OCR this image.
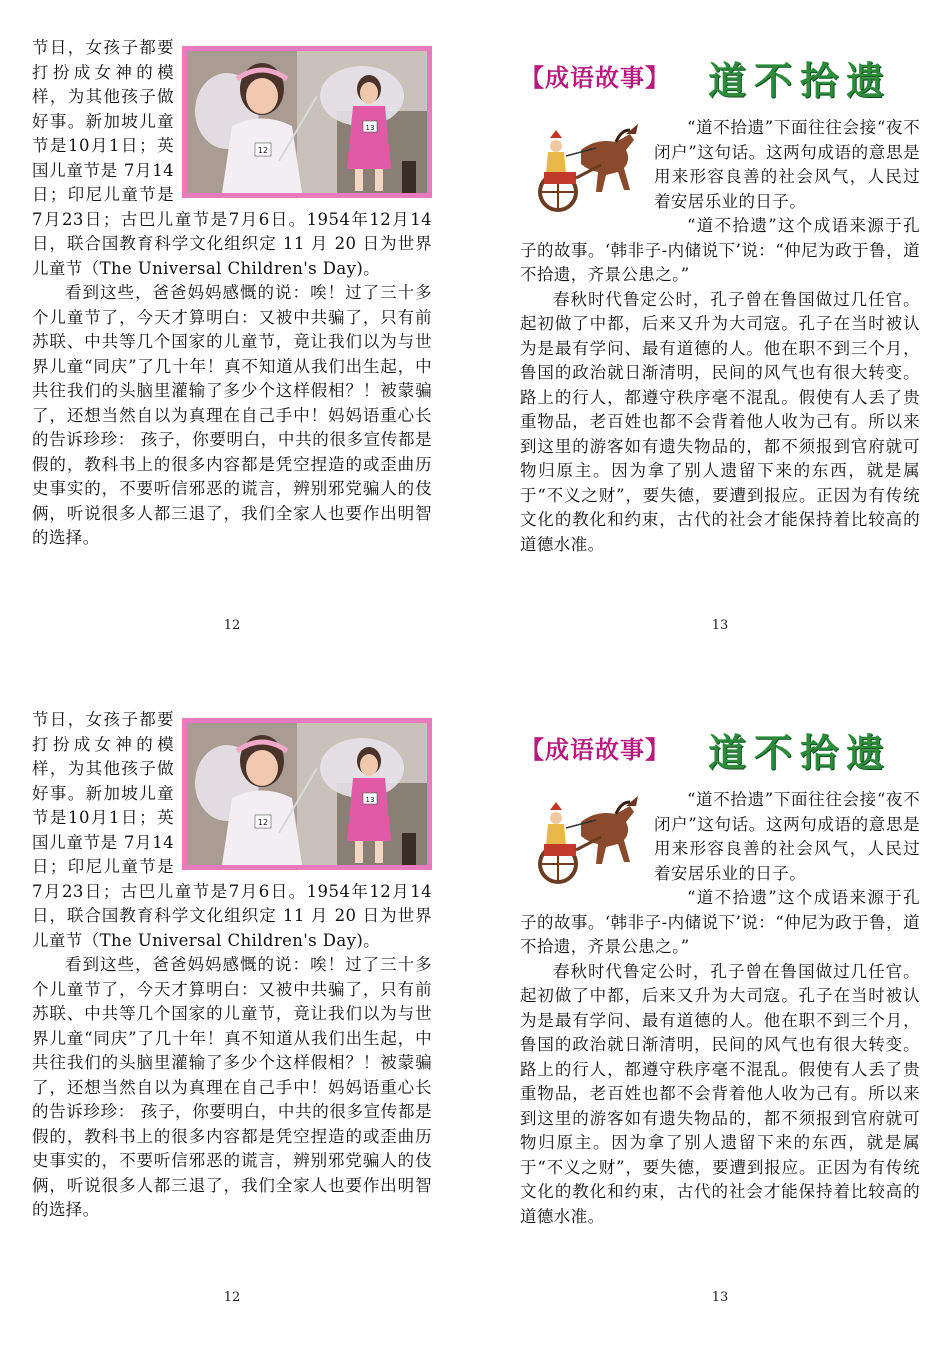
12
13

节日，女孩子都要打扮成女神的模样，为其他孩子做好事。新加坡儿童节是10月1日；英国儿童节是 7月14日；印尼儿童节是7月23日；古巴儿童节是7月6日。1954年12月14日，联合国教育科学文化组织定 11 月 20 日为世界儿童节（The Universal Children's Day)。

看到这些，爸爸妈妈感慨的说：唉！过了三十多个儿童节了，今天才算明白：又被中共骗了，只有前苏联、中共等几个国家的儿童节，竟让我们以为与世界儿童“同庆”了几十年！真不知道从我们出生起，中共往我们的头脑里灌输了多少个这样假相？！被蒙骗了，还想当然自以为真理在自己手中！妈妈语重心长的告诉珍珍： 孩子，你要明白，中共的很多宣传都是假的，教科书上的很多内容都是凭空捏造的或歪曲历史事实的，不要听信邪恶的谎言，辨别邪党骗人的伎俩，听说很多人都三退了，我们全家人也要作出明智的选择。

12
【成语故事】 道不拾遗

“道不拾遗”下面往往会接“夜不闭户”这句话。这两句成语的意思是用来形容良善的社会风气，人民过着安居乐业的日子。

“道不拾遗”这个成语来源于孔子的故事。‘韩非子-内储说下’说：“仲尼为政于鲁，道不拾遗，齐景公患之。”

春秋时代鲁定公时，孔子曾在鲁国做过几任官。起初做了中都，后来又升为大司寇。孔子在当时被认为是最有学问、最有道德的人。他在职不到三个月，鲁国的政治就日渐清明，民间的风气也有很大转变。路上的行人，都遵守秩序毫不混乱。假使有人丢了贵重物品，老百姓也都不会背着他人收为己有。所以来到这里的游客如有遗失物品的，都不须报到官府就可物归原主。因为拿了别人遗留下来的东西，就是属于“不义之财”，要失德，要遭到报应。正因为有传统文化的教化和约束，古代的社会才能保持着比较高的道德水准。

13
12
13

节日，女孩子都要打扮成女神的模样，为其他孩子做好事。新加坡儿童节是10月1日；英国儿童节是 7月14日；印尼儿童节是7月23日；古巴儿童节是7月6日。1954年12月14日，联合国教育科学文化组织定 11 月 20 日为世界儿童节（The Universal Children's Day)。

看到这些，爸爸妈妈感慨的说：唉！过了三十多个儿童节了，今天才算明白：又被中共骗了，只有前苏联、中共等几个国家的儿童节，竟让我们以为与世界儿童“同庆”了几十年！真不知道从我们出生起，中共往我们的头脑里灌输了多少个这样假相？！被蒙骗了，还想当然自以为真理在自己手中！妈妈语重心长的告诉珍珍： 孩子，你要明白，中共的很多宣传都是假的，教科书上的很多内容都是凭空捏造的或歪曲历史事实的，不要听信邪恶的谎言，辨别邪党骗人的伎俩，听说很多人都三退了，我们全家人也要作出明智的选择。

12
【成语故事】 道不拾遗

“道不拾遗”下面往往会接“夜不闭户”这句话。这两句成语的意思是用来形容良善的社会风气，人民过着安居乐业的日子。

“道不拾遗”这个成语来源于孔子的故事。‘韩非子-内储说下’说：“仲尼为政于鲁，道不拾遗，齐景公患之。”

春秋时代鲁定公时，孔子曾在鲁国做过几任官。起初做了中都，后来又升为大司寇。孔子在当时被认为是最有学问、最有道德的人。他在职不到三个月，鲁国的政治就日渐清明，民间的风气也有很大转变。路上的行人，都遵守秩序毫不混乱。假使有人丢了贵重物品，老百姓也都不会背着他人收为己有。所以来到这里的游客如有遗失物品的，都不须报到官府就可物归原主。因为拿了别人遗留下来的东西，就是属于“不义之财”，要失德，要遭到报应。正因为有传统文化的教化和约束，古代的社会才能保持着比较高的道德水准。

13
